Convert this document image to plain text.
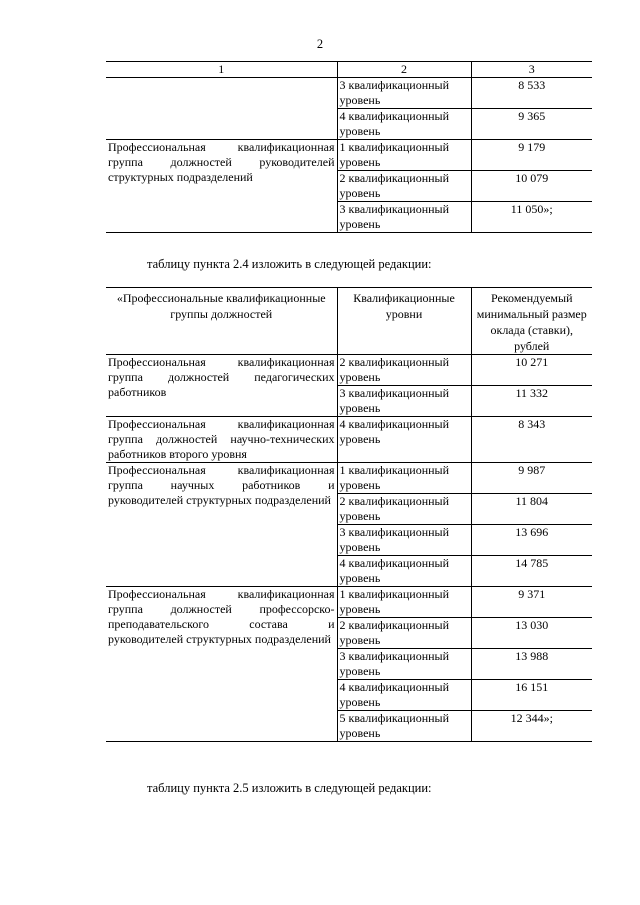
2
1	2	3
	3 квалификационный уровень	8 533
	4 квалификационный уровень	9 365
Профессиональная квалификационная группа должностей руководителей структурных подразделений	1 квалификационный уровень	9 179
	2 квалификационный уровень	10 079
	3 квалификационный уровень	11 050»;
таблицу пункта 2.4 изложить в следующей редакции:
«Профессиональные квалификационные группы должностей	Квалификационные уровни	Рекомендуемый минимальный размер оклада (ставки), рублей
Профессиональная квалификационная группа должностей педагогических работников	2 квалификационный уровень	10 271
	3 квалификационный уровень	11 332
Профессиональная квалификационная группа должностей научно-технических работников второго уровня	4 квалификационный уровень	8 343
Профессиональная квалификационная группа научных работников и руководителей структурных подразделений	1 квалификационный уровень	9 987
	2 квалификационный уровень	11 804
	3 квалификационный уровень	13 696
	4 квалификационный уровень	14 785
Профессиональная квалификационная группа должностей профессорско-преподавательского состава и руководителей структурных подразделений	1 квалификационный уровень	9 371
	2 квалификационный уровень	13 030
	3 квалификационный уровень	13 988
	4 квалификационный уровень	16 151
	5 квалификационный уровень	12 344»;
таблицу пункта 2.5 изложить в следующей редакции:
